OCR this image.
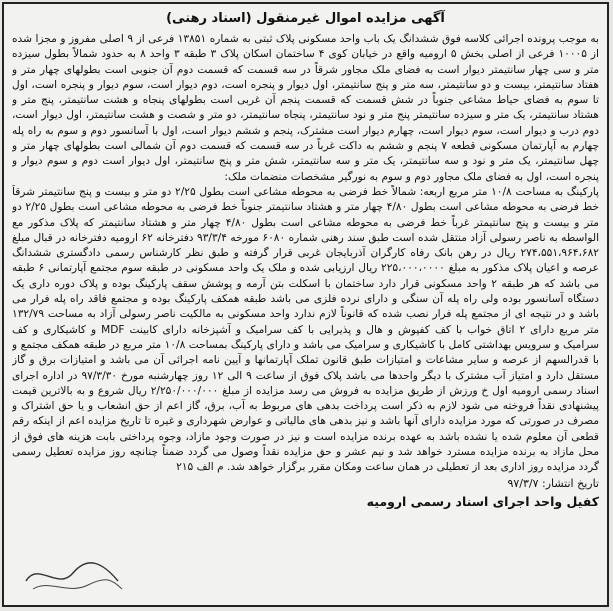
آگهی مزایده اموال غیرمنقول (اسناد رهنی)

به موجب پرونده اجرائی کلاسه فوق ششدانگ یک باب واحد مسکونی پلاک ثبتی به شماره ۱۳۸۵۱ فرعی از ۹ اصلی مفروز و مجزا شده از ۱۰۰۰۵ فرعی از اصلی بخش ۵ ارومیه واقع در خیابان کوی ۴ ساختمان اسکان پلاک ۳ طبقه ۳ واحد ۸ به حدود شمالاً بطول سیزده متر و سی چهار سانتیمتر دیوار است به فضای ملک مجاور شرقاً در سه قسمت که قسمت دوم آن جنوبی است بطولهای چهار متر و هفتاد سانتیمتر، بیست و دو سانتیمتر، سه متر و پنج سانتیمتر، اول دیوار و پنجره است، دوم دیوار است، سوم دیوار و پنجره است، اول تا سوم به فضای حیاط مشاعی جنوباً در شش قسمت که قسمت پنجم آن غربی است بطولهای پنجاه و هشت سانتیمتر، پنج متر و هشتاد سانتیمتر، یک متر و سیزده سانتیمتر پنج متر و نود سانتیمتر، پنجاه سانتیمتر، دو متر و شصت و هشت سانتیمتر، اول دیوار است، دوم درب و دیوار است، سوم دیوار است، چهارم دیوار است مشترک، پنجم و ششم دیوار است، اول با آسانسور دوم و سوم به راه پله چهارم به آپارتمان مسکونی قطعه ۷ پنجم و ششم به داکت غرباً در سه قسمت که قسمت دوم آن شمالی است بطولهای چهار متر و چهل سانتیمتر، یک متر و نود و سه سانتیمتر، یک متر و سه سانتیمتر، شش متر و پنج سانتیمتر، اول دیوار است دوم و سوم دیوار و پنجره است، اول به فضای ملک مجاور دوم و سوم به نورگیر مشخصات منضمات ملک:

پارکینگ به مساحت ۱۰/۸ متر مربع اربعه: شمالاً خط فرضی به محوطه مشاعی است بطول ۲/۲۵ دو متر و بیست و پنج سانتیمتر شرقاً خط فرضی به محوطه مشاعی است بطول ۴/۸۰ چهار متر و هشتاد سانتیمتر جنوباً خط فرضی به محوطه مشاعی است بطول ۲/۲۵ دو متر و بیست و پنج سانتیمتر غرباً خط فرضی به محوطه مشاعی است بطول ۴/۸۰ چهار متر و هشتاد سانتیمتر که پلاک مذکور مع الواسطه به ناصر رسولی آزاد منتقل شده است طبق سند رهنی شماره ۶۰۸۰ مورخه ۹۳/۳/۴ دفترخانه ۶۲ ارومیه دفترخانه در قبال مبلغ ۲۷۴،۵۵۱،۹۶۴،۶۸۲ ریال در رهن بانک رفاه کارگران آذربایجان غربی قرار گرفته و طبق نظر کارشناس رسمی دادگستری ششدانگ عرصه و اعیان پلاک مذکور به مبلغ ۲۲۵،۰۰۰،۰۰۰۰ ریال ارزیابی شده و ملک یک واحد مسکونی در طبقه سوم مجتمع آپارتمانی ۶ طبقه می باشد که هر طبقه ۲ واحد مسکونی قرار دارد ساختمان با اسکلت بتن آرمه و پوشش سقف پارکینگ بوده و پلاک دوره داری یک دستگاه آسانسور بوده ولی راه پله آن سنگی و دارای نرده فلزی می باشد طبقه همکف پارکینگ بوده و مجتمع فاقد راه پله فرار می باشد و در نتیجه ای از مجتمع پله فرار نصب شده که قانوناً لازم ندارد واحد مسکونی به مالکیت ناصر رسولی آزاد به مساحت ۱۳۲/۷۹ متر مربع دارای ۲ اتاق خواب با کف کفپوش و هال و پذیرایی با کف سرامیک و آشپزخانه دارای کابینت MDF و کاشیکاری و کف سرامیک و سرویس بهداشتی کامل با کاشیکاری و سرامیک می باشد و دارای پارکینگ بمساحت ۱۰/۸ متر مربع در طبقه همکف مجتمع و با قدرالسهم از عرصه و سایر مشاعات و امتیازات طبق قانون تملک آپارتمانها و آیین نامه اجرائی آن می باشد و امتیازات برق و گاز مستقل دارد و امتیاز آب مشترک با دیگر واحدها می باشد پلاک فوق از ساعت ۹ الی ۱۲ روز چهارشنبه مورخ ۹۷/۳/۳۰ در اداره اجرای اسناد رسمی ارومیه اول خ ورزش از طریق مزایده به فروش می رسد مزایده از مبلغ ۲/۲۵۰/۰۰۰/۰۰۰ ریال شروع و به بالاترین قیمت پیشنهادی نقداً فروخته می شود لازم به ذکر است پرداخت بدهی های مربوط به آب، برق، گاز اعم از حق انشعاب و یا حق اشتراک و مصرف در صورتی که مورد مزایده دارای آنها باشد و نیز بدهی های مالیاتی و عوارض شهرداری و غیره تا تاریخ مزایده اعم از اینکه رقم قطعی آن معلوم شده یا نشده باشد به عهده برنده مزایده است و نیز در صورت وجود مازاد، وجوه پرداختی بابت هزینه های فوق از محل مازاد به برنده مزایده مسترد خواهد شد و نیم عشر و حق مزایده نقداً وصول می گردد ضمناً چنانچه روز مزایده تعطیل رسمی گردد مزایده روز اداری بعد از تعطیلی در همان ساعت ومکان مقرر برگزار خواهد شد. م الف ۲۱۵

تاریخ انتشار: ۹۷/۳/۷
کفیل واحد اجرای اسناد رسمی ارومیه
